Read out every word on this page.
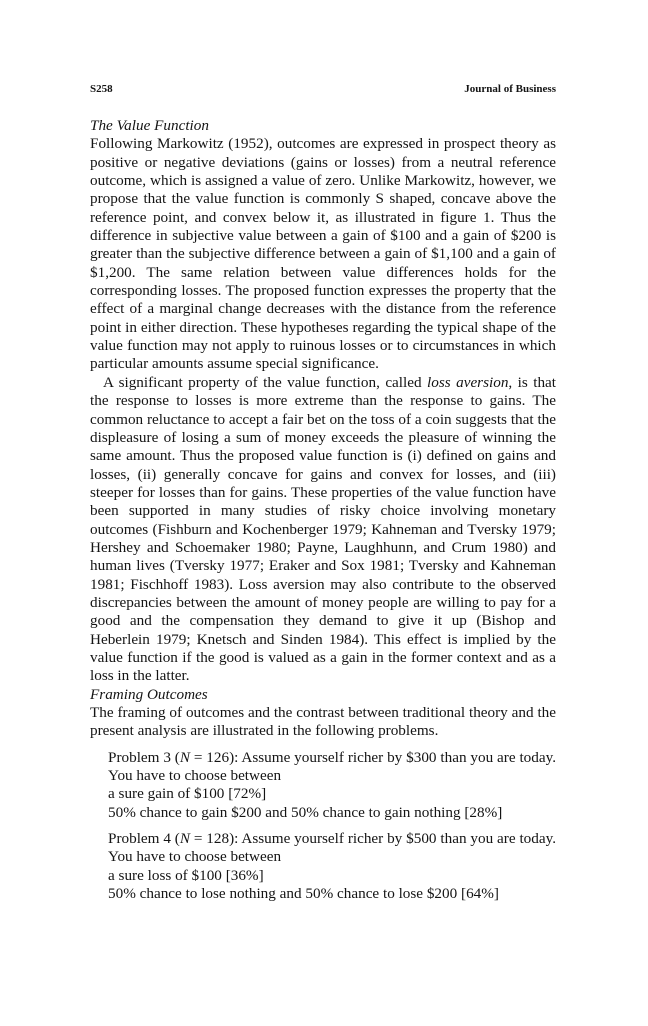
S258	Journal of Business

The Value Function

Following Markowitz (1952), outcomes are expressed in prospect theory as positive or negative deviations (gains or losses) from a neutral reference outcome, which is assigned a value of zero. Unlike Markowitz, however, we propose that the value function is commonly S shaped, concave above the reference point, and convex below it, as illustrated in figure 1. Thus the difference in subjective value between a gain of $100 and a gain of $200 is greater than the subjective difference between a gain of $1,100 and a gain of $1,200. The same relation between value differences holds for the corresponding losses. The proposed function expresses the property that the effect of a marginal change decreases with the distance from the reference point in either direction. These hypotheses regarding the typical shape of the value function may not apply to ruinous losses or to circumstances in which particular amounts assume special significance.

A significant property of the value function, called loss aversion, is that the response to losses is more extreme than the response to gains. The common reluctance to accept a fair bet on the toss of a coin suggests that the displeasure of losing a sum of money exceeds the pleasure of winning the same amount. Thus the proposed value function is (i) defined on gains and losses, (ii) generally concave for gains and convex for losses, and (iii) steeper for losses than for gains. These properties of the value function have been supported in many studies of risky choice involving monetary outcomes (Fishburn and Kochenberger 1979; Kahneman and Tversky 1979; Hershey and Schoemaker 1980; Payne, Laughhunn, and Crum 1980) and human lives (Tversky 1977; Eraker and Sox 1981; Tversky and Kahneman 1981; Fischhoff 1983). Loss aversion may also contribute to the observed discrepancies between the amount of money people are willing to pay for a good and the compensation they demand to give it up (Bishop and Heberlein 1979; Knetsch and Sinden 1984). This effect is implied by the value function if the good is valued as a gain in the former context and as a loss in the latter.

Framing Outcomes

The framing of outcomes and the contrast between traditional theory and the present analysis are illustrated in the following problems.

Problem 3 (N = 126): Assume yourself richer by $300 than you are today. You have to choose between
a sure gain of $100 [72%]
50% chance to gain $200 and 50% chance to gain nothing [28%]
Problem 4 (N = 128): Assume yourself richer by $500 than you are today. You have to choose between
a sure loss of $100 [36%]
50% chance to lose nothing and 50% chance to lose $200 [64%]
